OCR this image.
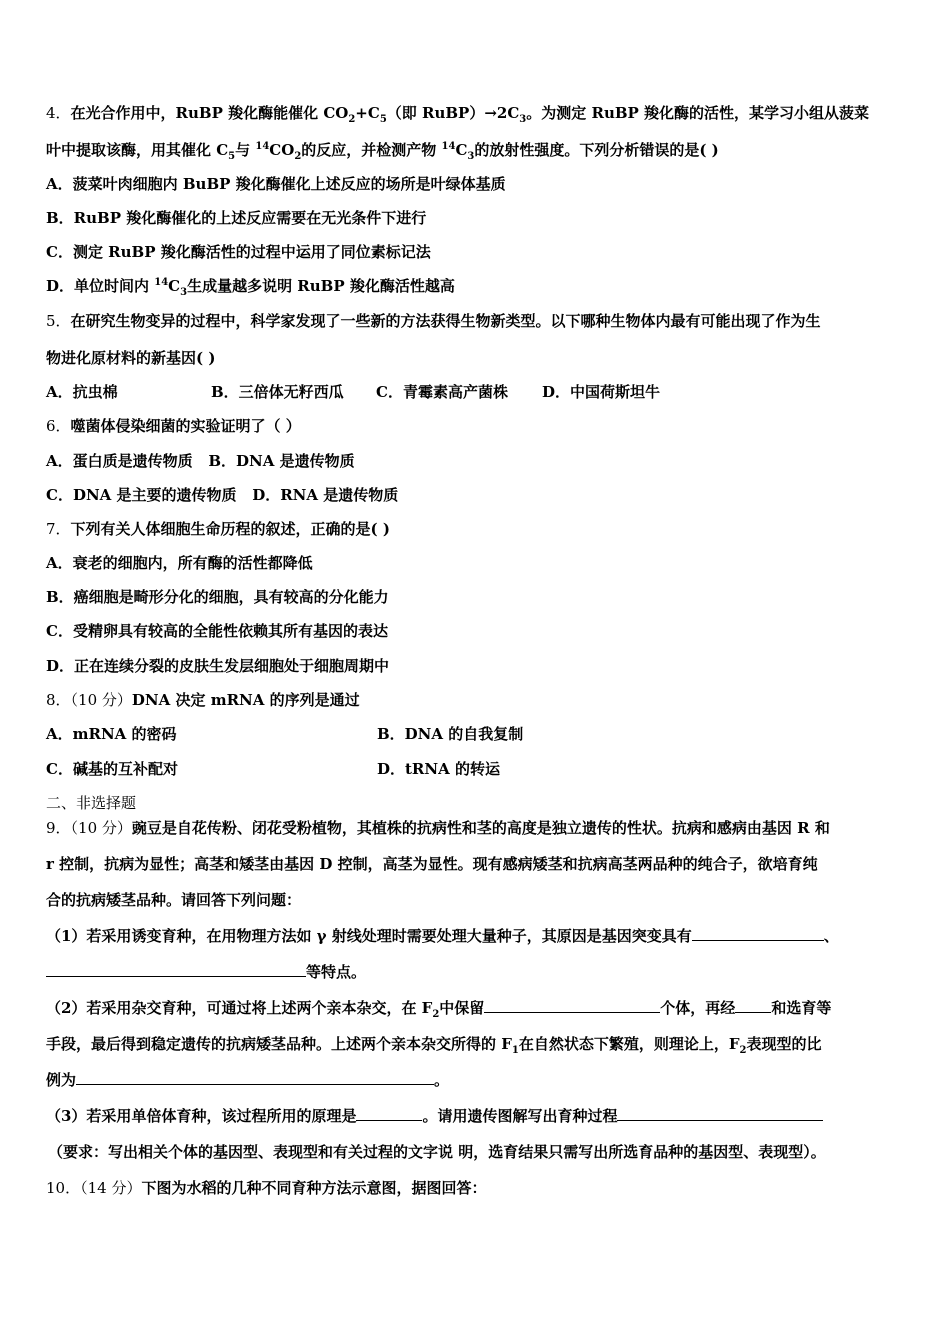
4．在光合作用中，RuBP 羧化酶能催化 $CO_2+C_5$（即 $RuBP)\to 2C_3$。为测定 RuBP 羧化酶的活性，某学习小组从菠菜
叶中提取该酶，用其催化 $C_5$与 $^{14}CO_2$的反应，并检测产物 $^{14}C_3$的放射性强度。下列分析错误的是( )
A．菠菜叶肉细胞内 BuBP 羧化酶催化上述反应的场所是叶绿体基质
B．RuBP 羧化酶催化的上述反应需要在无光条件下进行
C．测定 RuBP 羧化酶活性的过程中运用了同位素标记法
D．单位时间内 $^{14}C_3$生成量越多说明 RuBP 羧化酶活性越高
5．在研究生物变异的过程中，科学家发现了一些新的方法获得生物新类型。以下哪种生物体内最有可能出现了作为生
物进化原材料的新基因( )
A．抗虫棉	B．三倍体无籽西瓜 C．青霉素高产菌株 D．中国荷斯坦牛
6．噬菌体侵染细菌的实验证明了（ ）
A．蛋白质是遗传物质 B．DNA 是遗传物质
C．DNA 是主要的遗传物质 D．RNA 是遗传物质
7．下列有关人体细胞生命历程的叙述，正确的是( )
A．衰老的细胞内，所有酶的活性都降低
B．癌细胞是畸形分化的细胞，具有较高的分化能力
C．受精卵具有较高的全能性依赖其所有基因的表达
D．正在连续分裂的皮肤生发层细胞处于细胞周期中
8．（10 分）DNA 决定 mRNA 的序列是通过
A．mRNA 的密码	B．DNA 的自我复制
C．碱基的互补配对	D．tRNA 的转运
二、非选择题
9．（10 分）豌豆是自花传粉、闭花受粉植物，其植株的抗病性和茎的高度是独立遗传的性状。抗病和感病由基因 R 和
r 控制，抗病为显性；高茎和矮茎由基因 D 控制，高茎为显性。现有感病矮茎和抗病高茎两品种的纯合子，欲培育纯
合的抗病矮茎品种。请回答下列问题：
（1）若采用诱变育种，在用物理方法如 γ 射线处理时需要处理大量种子，其原因是基因突变具有	、
等特点。
（2）若采用杂交育种，可通过将上述两个亲本杂交，在 $F_2$中保留	个体，再经 和选育等
手段，最后得到稳定遗传的抗病矮茎品种。上述两个亲本杂交所得的 $F_1$在自然状态下繁殖，则理论上，$F_2$表现型的比
例为	。
（3）若采用单倍体育种，该过程所用的原理是	。请用遗传图解写出育种过程
（要求：写出相关个体的基因型、表现型和有关过程的文字说 明，选育结果只需写出所选育品种的基因型、表现型）。
10．（14 分）下图为水稻的几种不同育种方法示意图，据图回答：
